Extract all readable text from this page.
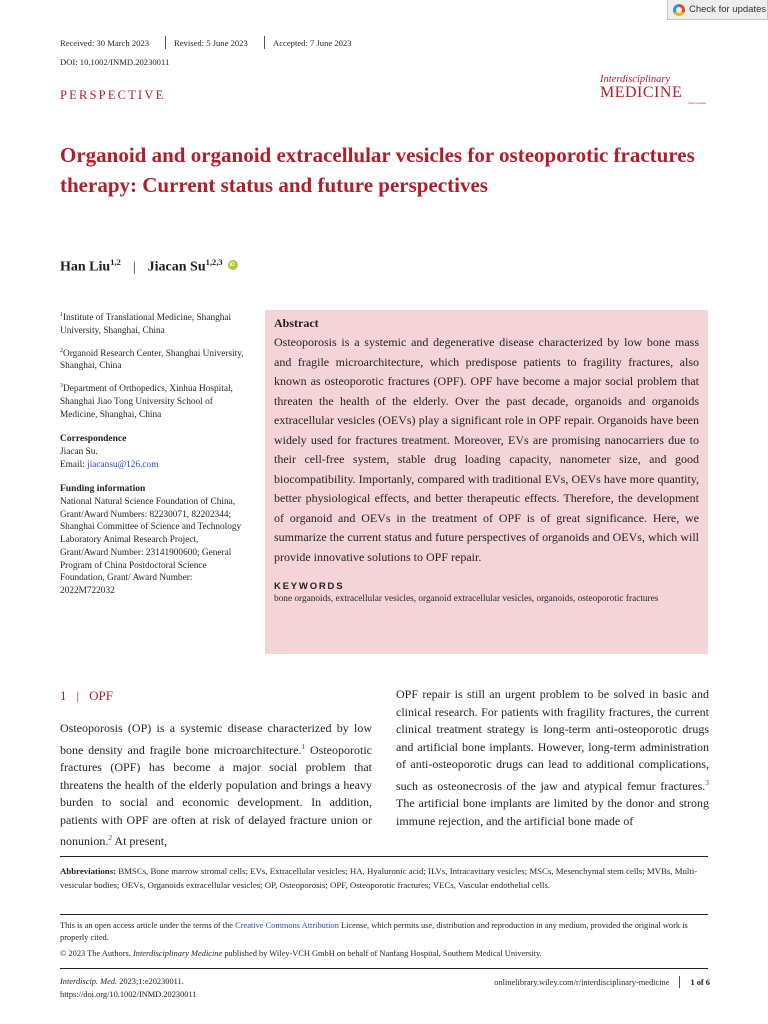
Check for updates
Received: 30 March 2023	Revised: 5 June 2023	Accepted: 7 June 2023
DOI: 10.1002/INMD.20230011
PERSPECTIVE
Interdisciplinary
MEDICINE
Open Access
Organoid and organoid extracellular vesicles for osteoporotic fractures therapy: Current status and future perspectives
Han Liu$^{1,2}$ | Jiacan Su$^{1,2,3}$
iD
$^1$Institute of Translational Medicine, Shanghai University, Shanghai, China
$^2$Organoid Research Center, Shanghai University, Shanghai, China
$^3$Department of Orthopedics, Xinhua Hospital, Shanghai Jiao Tong University School of Medicine, Shanghai, China
Correspondence
Jiacan Su.
Email: jiacansu@126.com
Funding information
National Natural Science Foundation of China, Grant/Award Numbers: 82230071, 82202344; Shanghai Committee of Science and Technology Laboratory Animal Research Project, Grant/Award Number: 23141900600; General Program of China Postdoctoral Science Foundation, Grant/ Award Number: 2022M722032
Abstract
Osteoporosis is a systemic and degenerative disease characterized by low bone mass and fragile microarchitecture, which predispose patients to fragility fractures, also known as osteoporotic fractures (OPF). OPF have become a major social problem that threaten the health of the elderly. Over the past decade, organoids and organoids extracellular vesicles (OEVs) play a significant role in OPF repair. Organoids have been widely used for fractures treatment. Moreover, EVs are promising nanocarriers due to their cell-free system, stable drug loading capacity, nanometer size, and good biocompatibility. Importanly, compared with traditional EVs, OEVs have more quantity, better physiological effects, and better therapeutic effects. Therefore, the development of organoid and OEVs in the treatment of OPF is of great significance. Here, we summarize the current status and future perspectives of organoids and OEVs, which will provide innovative solutions to OPF repair.
KEYWORDS
bone organoids, extracellular vesicles, organoid extracellular vesicles, organoids, osteoporotic fractures
1 | OPF
Osteoporosis (OP) is a systemic disease characterized by low bone density and fragile bone microarchitecture.$^1$ Osteoporotic fractures (OPF) has become a major social problem that threatens the health of the elderly population and brings a heavy burden to social and economic development. In addition, patients with OPF are often at risk of delayed fracture union or nonunion.$^2$ At present,
OPF repair is still an urgent problem to be solved in basic and clinical research. For patients with fragility fractures, the current clinical treatment strategy is long-term anti-osteoporotic drugs and artificial bone implants. However, long-term administration of anti-osteoporotic drugs can lead to additional complications, such as osteonecrosis of the jaw and atypical femur fractures.$^3$ The artificial bone implants are limited by the donor and strong immune rejection, and the artificial bone made of
Abbreviations: BMSCs, Bone marrow stromal cells; EVs, Extracellular vesicles; HA, Hyaluronic acid; ILVs, Intracavitary vesicles; MSCs, Mesenchymal stem cells; MVBs, Multi-vesicular bodies; OEVs, Organoids extracellular vesicles; OP, Osteoporosis; OPF, Osteoporotic fractures; VECs, Vascular endothelial cells.
This is an open access article under the terms of the Creative Commons Attribution License, which permits use, distribution and reproduction in any medium, provided the original work is properly cited.
© 2023 The Authors. Interdisciplinary Medicine published by Wiley-VCH GmbH on behalf of Nanfang Hospital, Southern Medical University.
Interdiscip. Med. 2023;1:e20230011.
https://doi.org/10.1002/INMD.20230011
onlinelibrary.wiley.com/r/interdisciplinary-medicine	1 of 6
